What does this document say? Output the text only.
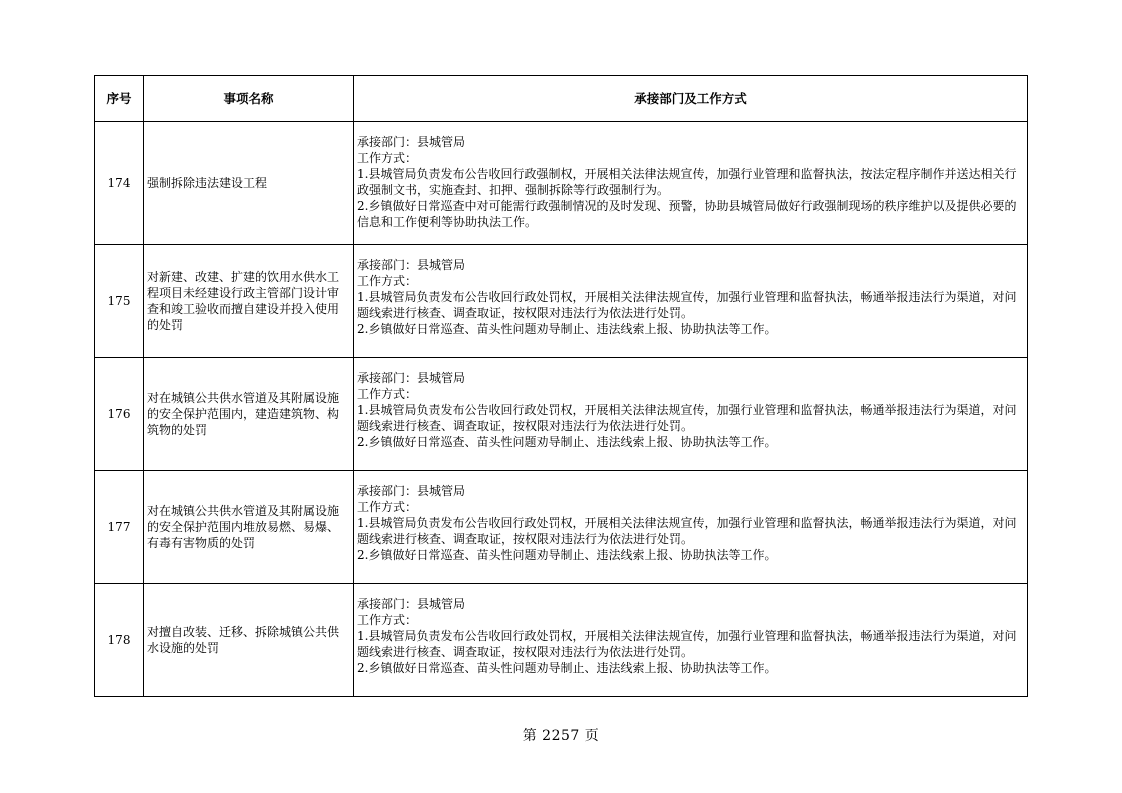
序号	事项名称	承接部门及工作方式
174	强制拆除违法建设工程	承接部门：县城管局
工作方式：
1.县城管局负责发布公告收回行政强制权，开展相关法律法规宣传，加强行业管理和监督执法，按法定程序制作并送达相关行政强制文书，实施查封、扣押、强制拆除等行政强制行为。
2.乡镇做好日常巡查中对可能需行政强制情况的及时发现、预警，协助县城管局做好行政强制现场的秩序维护以及提供必要的信息和工作便利等协助执法工作。

175	对新建、改建、扩建的饮用水供水工程项目未经建设行政主管部门设计审查和竣工验收而擅自建设并投入使用的处罚	承接部门：县城管局
工作方式：
1.县城管局负责发布公告收回行政处罚权，开展相关法律法规宣传，加强行业管理和监督执法，畅通举报违法行为渠道，对问题线索进行核查、调查取证，按权限对违法行为依法进行处罚。
2.乡镇做好日常巡查、苗头性问题劝导制止、违法线索上报、协助执法等工作。

176	对在城镇公共供水管道及其附属设施的安全保护范围内，建造建筑物、构筑物的处罚	承接部门：县城管局
工作方式：
1.县城管局负责发布公告收回行政处罚权，开展相关法律法规宣传，加强行业管理和监督执法，畅通举报违法行为渠道，对问题线索进行核查、调查取证，按权限对违法行为依法进行处罚。
2.乡镇做好日常巡查、苗头性问题劝导制止、违法线索上报、协助执法等工作。

177	对在城镇公共供水管道及其附属设施的安全保护范围内堆放易燃、易爆、有毒有害物质的处罚	承接部门：县城管局
工作方式：
1.县城管局负责发布公告收回行政处罚权，开展相关法律法规宣传，加强行业管理和监督执法，畅通举报违法行为渠道，对问题线索进行核查、调查取证，按权限对违法行为依法进行处罚。
2.乡镇做好日常巡查、苗头性问题劝导制止、违法线索上报、协助执法等工作。

178	对擅自改装、迁移、拆除城镇公共供水设施的处罚	承接部门：县城管局
工作方式：
1.县城管局负责发布公告收回行政处罚权，开展相关法律法规宣传，加强行业管理和监督执法，畅通举报违法行为渠道，对问题线索进行核查、调查取证，按权限对违法行为依法进行处罚。
2.乡镇做好日常巡查、苗头性问题劝导制止、违法线索上报、协助执法等工作。
第 2257 页
